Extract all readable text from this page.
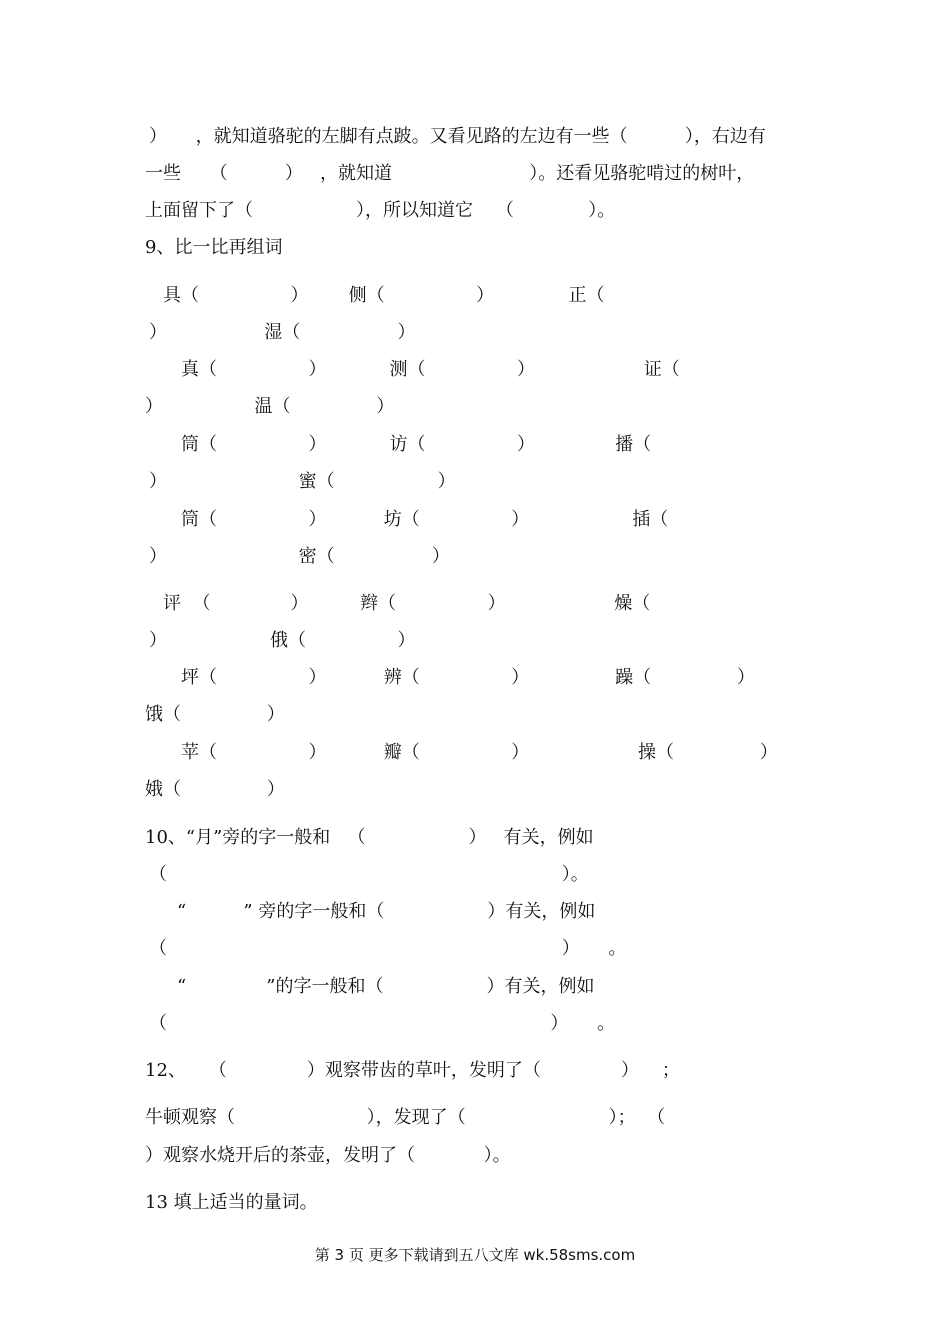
）     ，就知道骆驼的左脚有点跛。又看见路的左边有一些（          ），右边有
一些     （          ）   ，就知道                        ）。还看见骆驼啃过的树叶，
上面留下了（                  ），所以知道它    （             ）。
9、比一比再组词
具（                ）       侧（                ）             正（
）                 湿（                 ）
真（                ）           测（                ）                   证（
）                温（               ）
筒（                ）           访（                ）              播（
）                       蜜（                  ）
筒（                ）          坊（                ）                  插（
）                       密（                 ）
评  （              ）         辫（                ）                   燥（
）                  俄（                ）
坪（                ）          辨（                ）               躁（               ）
饿（               ）
苹（                ）          瓣（                ）                   操（               ）
娥（               ）
10、“月”旁的字一般和   （                  ）   有关，例如
（                                                                     ）。
“          ” 旁的字一般和（                  ）有关，例如
（                                                                     ）     。
“              ”的字一般和（                  ）有关，例如
（                                                                   ）     。
12、    （              ）观察带齿的草叶，发明了（              ）    ；
牛顿观察（                       ），发现了（                         ）；  （
）观察水烧开后的茶壶，发明了（            ）。
13 填上适当的量词。
第 3 页 更多下载请到五八文库 wk.58sms.com
